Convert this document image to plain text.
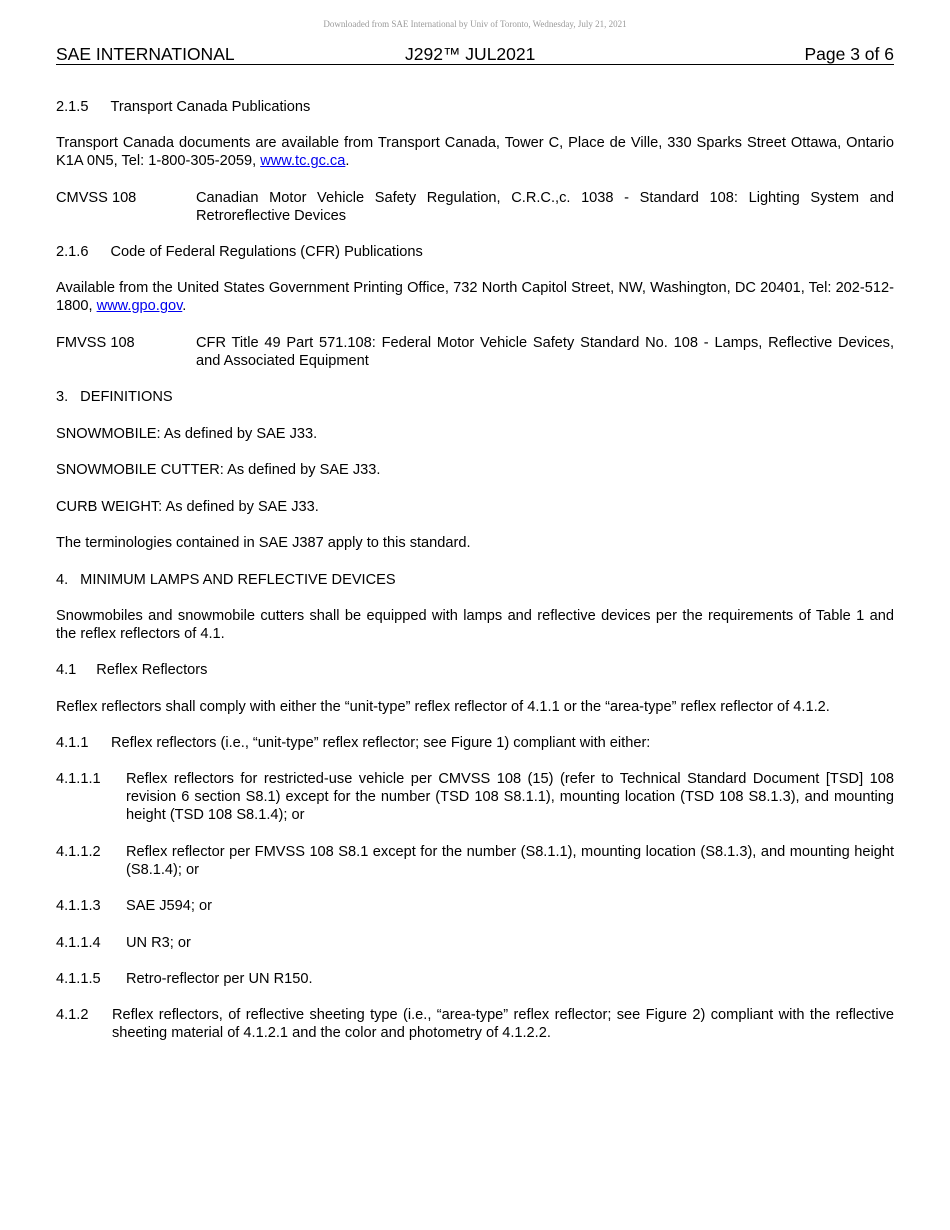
Downloaded from SAE International by Univ of Toronto, Wednesday, July 21, 2021
SAE INTERNATIONAL	J292™ JUL2021	Page 3 of 6
2.1.5 Transport Canada Publications
Transport Canada documents are available from Transport Canada, Tower C, Place de Ville, 330 Sparks Street Ottawa, Ontario K1A 0N5, Tel: 1-800-305-2059, www.tc.gc.ca.
CMVSS 108	Canadian Motor Vehicle Safety Regulation, C.R.C.,c. 1038 - Standard 108: Lighting System and Retroreflective Devices
2.1.6 Code of Federal Regulations (CFR) Publications
Available from the United States Government Printing Office, 732 North Capitol Street, NW, Washington, DC 20401, Tel: 202-512-1800, www.gpo.gov.
FMVSS 108	CFR Title 49 Part 571.108: Federal Motor Vehicle Safety Standard No. 108 - Lamps, Reflective Devices, and Associated Equipment
3. DEFINITIONS
SNOWMOBILE: As defined by SAE J33.
SNOWMOBILE CUTTER: As defined by SAE J33.
CURB WEIGHT: As defined by SAE J33.
The terminologies contained in SAE J387 apply to this standard.
4. MINIMUM LAMPS AND REFLECTIVE DEVICES
Snowmobiles and snowmobile cutters shall be equipped with lamps and reflective devices per the requirements of Table 1 and the reflex reflectors of 4.1.
4.1 Reflex Reflectors
Reflex reflectors shall comply with either the “unit-type” reflex reflector of 4.1.1 or the “area-type” reflex reflector of 4.1.2.
4.1.1 Reflex reflectors (i.e., “unit-type” reflex reflector; see Figure 1) compliant with either:
4.1.1.1 Reflex reflectors for restricted-use vehicle per CMVSS 108 (15) (refer to Technical Standard Document [TSD] 108 revision 6 section S8.1) except for the number (TSD 108 S8.1.1), mounting location (TSD 108 S8.1.3), and mounting height (TSD 108 S8.1.4); or
4.1.1.2 Reflex reflector per FMVSS 108 S8.1 except for the number (S8.1.1), mounting location (S8.1.3), and mounting height (S8.1.4); or
4.1.1.3 SAE J594; or
4.1.1.4 UN R3; or
4.1.1.5 Retro-reflector per UN R150.
4.1.2 Reflex reflectors, of reflective sheeting type (i.e., “area-type” reflex reflector; see Figure 2) compliant with the reflective sheeting material of 4.1.2.1 and the color and photometry of 4.1.2.2.
